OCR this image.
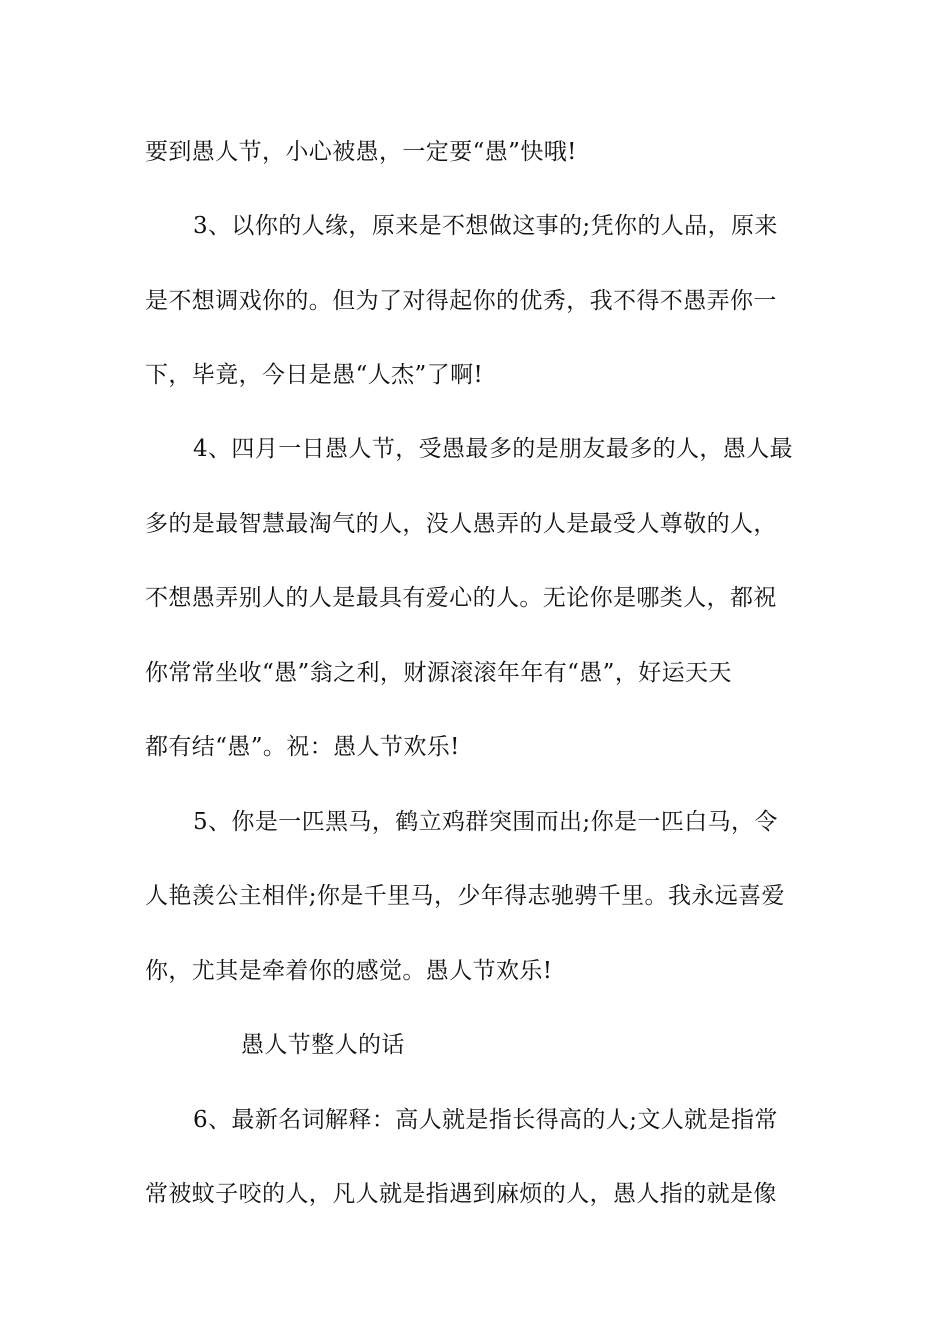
要到愚人节，小心被愚，一定要“愚”快哦!
3、以你的人缘，原来是不想做这事的;凭你的人品，原来
是不想调戏你的。但为了对得起你的优秀，我不得不愚弄你一
下，毕竟，今日是愚“人杰”了啊!
4、四月一日愚人节，受愚最多的是朋友最多的人，愚人最
多的是最智慧最淘气的人，没人愚弄的人是最受人尊敬的人，
不想愚弄别人的人是最具有爱心的人。无论你是哪类人，都祝
你常常坐收“愚”翁之利，财源滚滚年年有“愚”，好运天天
都有结“愚”。祝：愚人节欢乐!
5、你是一匹黑马，鹤立鸡群突围而出;你是一匹白马，令
人艳羡公主相伴;你是千里马，少年得志驰骋千里。我永远喜爱
你，尤其是牵着你的感觉。愚人节欢乐!
愚人节整人的话
6、最新名词解释：高人就是指长得高的人;文人就是指常
常被蚊子咬的人，凡人就是指遇到麻烦的人，愚人指的就是像
